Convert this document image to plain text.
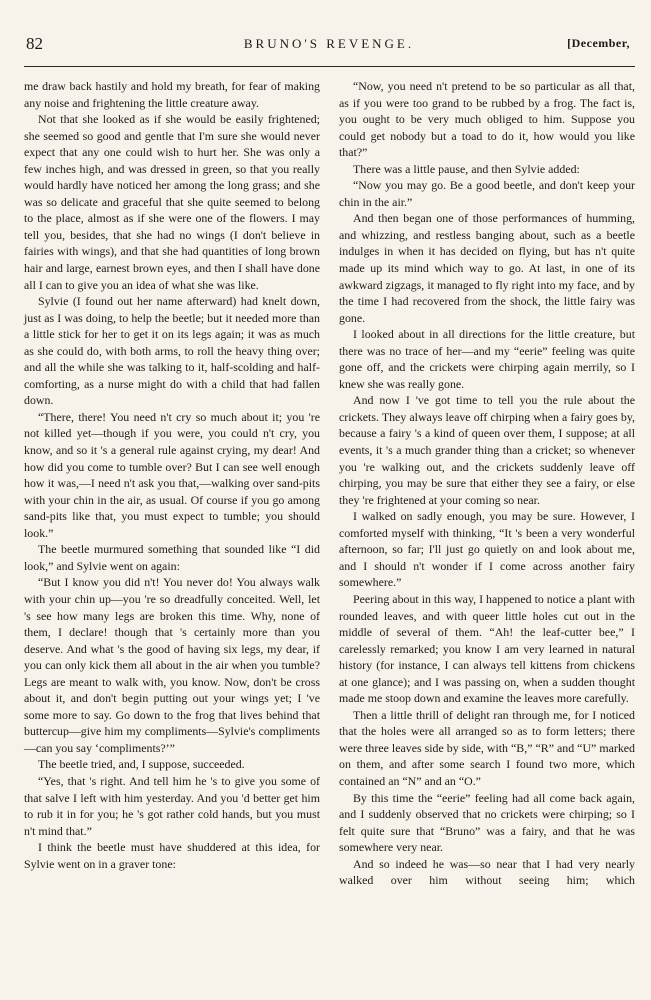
82	BRUNO'S REVENGE.	[December,

me draw back hastily and hold my breath, for fear of making any noise and frightening the little creature away.

Not that she looked as if she would be easily frightened; she seemed so good and gentle that I'm sure she would never expect that any one could wish to hurt her. She was only a few inches high, and was dressed in green, so that you really would hardly have noticed her among the long grass; and she was so delicate and graceful that she quite seemed to belong to the place, almost as if she were one of the flowers. I may tell you, besides, that she had no wings (I don't believe in fairies with wings), and that she had quantities of long brown hair and large, earnest brown eyes, and then I shall have done all I can to give you an idea of what she was like.

Sylvie (I found out her name afterward) had knelt down, just as I was doing, to help the beetle; but it needed more than a little stick for her to get it on its legs again; it was as much as she could do, with both arms, to roll the heavy thing over; and all the while she was talking to it, half-scolding and half-comforting, as a nurse might do with a child that had fallen down.

“There, there! You need n't cry so much about it; you 're not killed yet—though if you were, you could n't cry, you know, and so it 's a general rule against crying, my dear! And how did you come to tumble over? But I can see well enough how it was,—I need n't ask you that,—walking over sand-pits with your chin in the air, as usual. Of course if you go among sand-pits like that, you must expect to tumble; you should look.”

The beetle murmured something that sounded like “I did look,” and Sylvie went on again:

“But I know you did n't! You never do! You always walk with your chin up—you 're so dreadfully conceited. Well, let 's see how many legs are broken this time. Why, none of them, I declare! though that 's certainly more than you deserve. And what 's the good of having six legs, my dear, if you can only kick them all about in the air when you tumble? Legs are meant to walk with, you know. Now, don't be cross about it, and don't begin putting out your wings yet; I 've some more to say. Go down to the frog that lives behind that buttercup—give him my compliments—Sylvie's compliments—can you say ‘compliments?’”

The beetle tried, and, I suppose, succeeded.

“Yes, that 's right. And tell him he 's to give you some of that salve I left with him yesterday. And you 'd better get him to rub it in for you; he 's got rather cold hands, but you must n't mind that.”

I think the beetle must have shuddered at this idea, for Sylvie went on in a graver tone:

“Now, you need n't pretend to be so particular as all that, as if you were too grand to be rubbed by a frog. The fact is, you ought to be very much obliged to him. Suppose you could get nobody but a toad to do it, how would you like that?”

There was a little pause, and then Sylvie added:

“Now you may go. Be a good beetle, and don't keep your chin in the air.”

And then began one of those performances of humming, and whizzing, and restless banging about, such as a beetle indulges in when it has decided on flying, but has n't quite made up its mind which way to go. At last, in one of its awkward zigzags, it managed to fly right into my face, and by the time I had recovered from the shock, the little fairy was gone.

I looked about in all directions for the little creature, but there was no trace of her—and my “eerie” feeling was quite gone off, and the crickets were chirping again merrily, so I knew she was really gone.

And now I 've got time to tell you the rule about the crickets. They always leave off chirping when a fairy goes by, because a fairy 's a kind of queen over them, I suppose; at all events, it 's a much grander thing than a cricket; so whenever you 're walking out, and the crickets suddenly leave off chirping, you may be sure that either they see a fairy, or else they 're frightened at your coming so near.

I walked on sadly enough, you may be sure. However, I comforted myself with thinking, “It 's been a very wonderful afternoon, so far; I'll just go quietly on and look about me, and I should n't wonder if I come across another fairy somewhere.”

Peering about in this way, I happened to notice a plant with rounded leaves, and with queer little holes cut out in the middle of several of them. “Ah! the leaf-cutter bee,” I carelessly remarked; you know I am very learned in natural history (for instance, I can always tell kittens from chickens at one glance); and I was passing on, when a sudden thought made me stoop down and examine the leaves more carefully.

Then a little thrill of delight ran through me, for I noticed that the holes were all arranged so as to form letters; there were three leaves side by side, with “B,” “R” and “U” marked on them, and after some search I found two more, which contained an “N” and an “O.”

By this time the “eerie” feeling had all come back again, and I suddenly observed that no crickets were chirping; so I felt quite sure that “Bruno” was a fairy, and that he was somewhere very near.

And so indeed he was—so near that I had very nearly walked over him without seeing him; which
